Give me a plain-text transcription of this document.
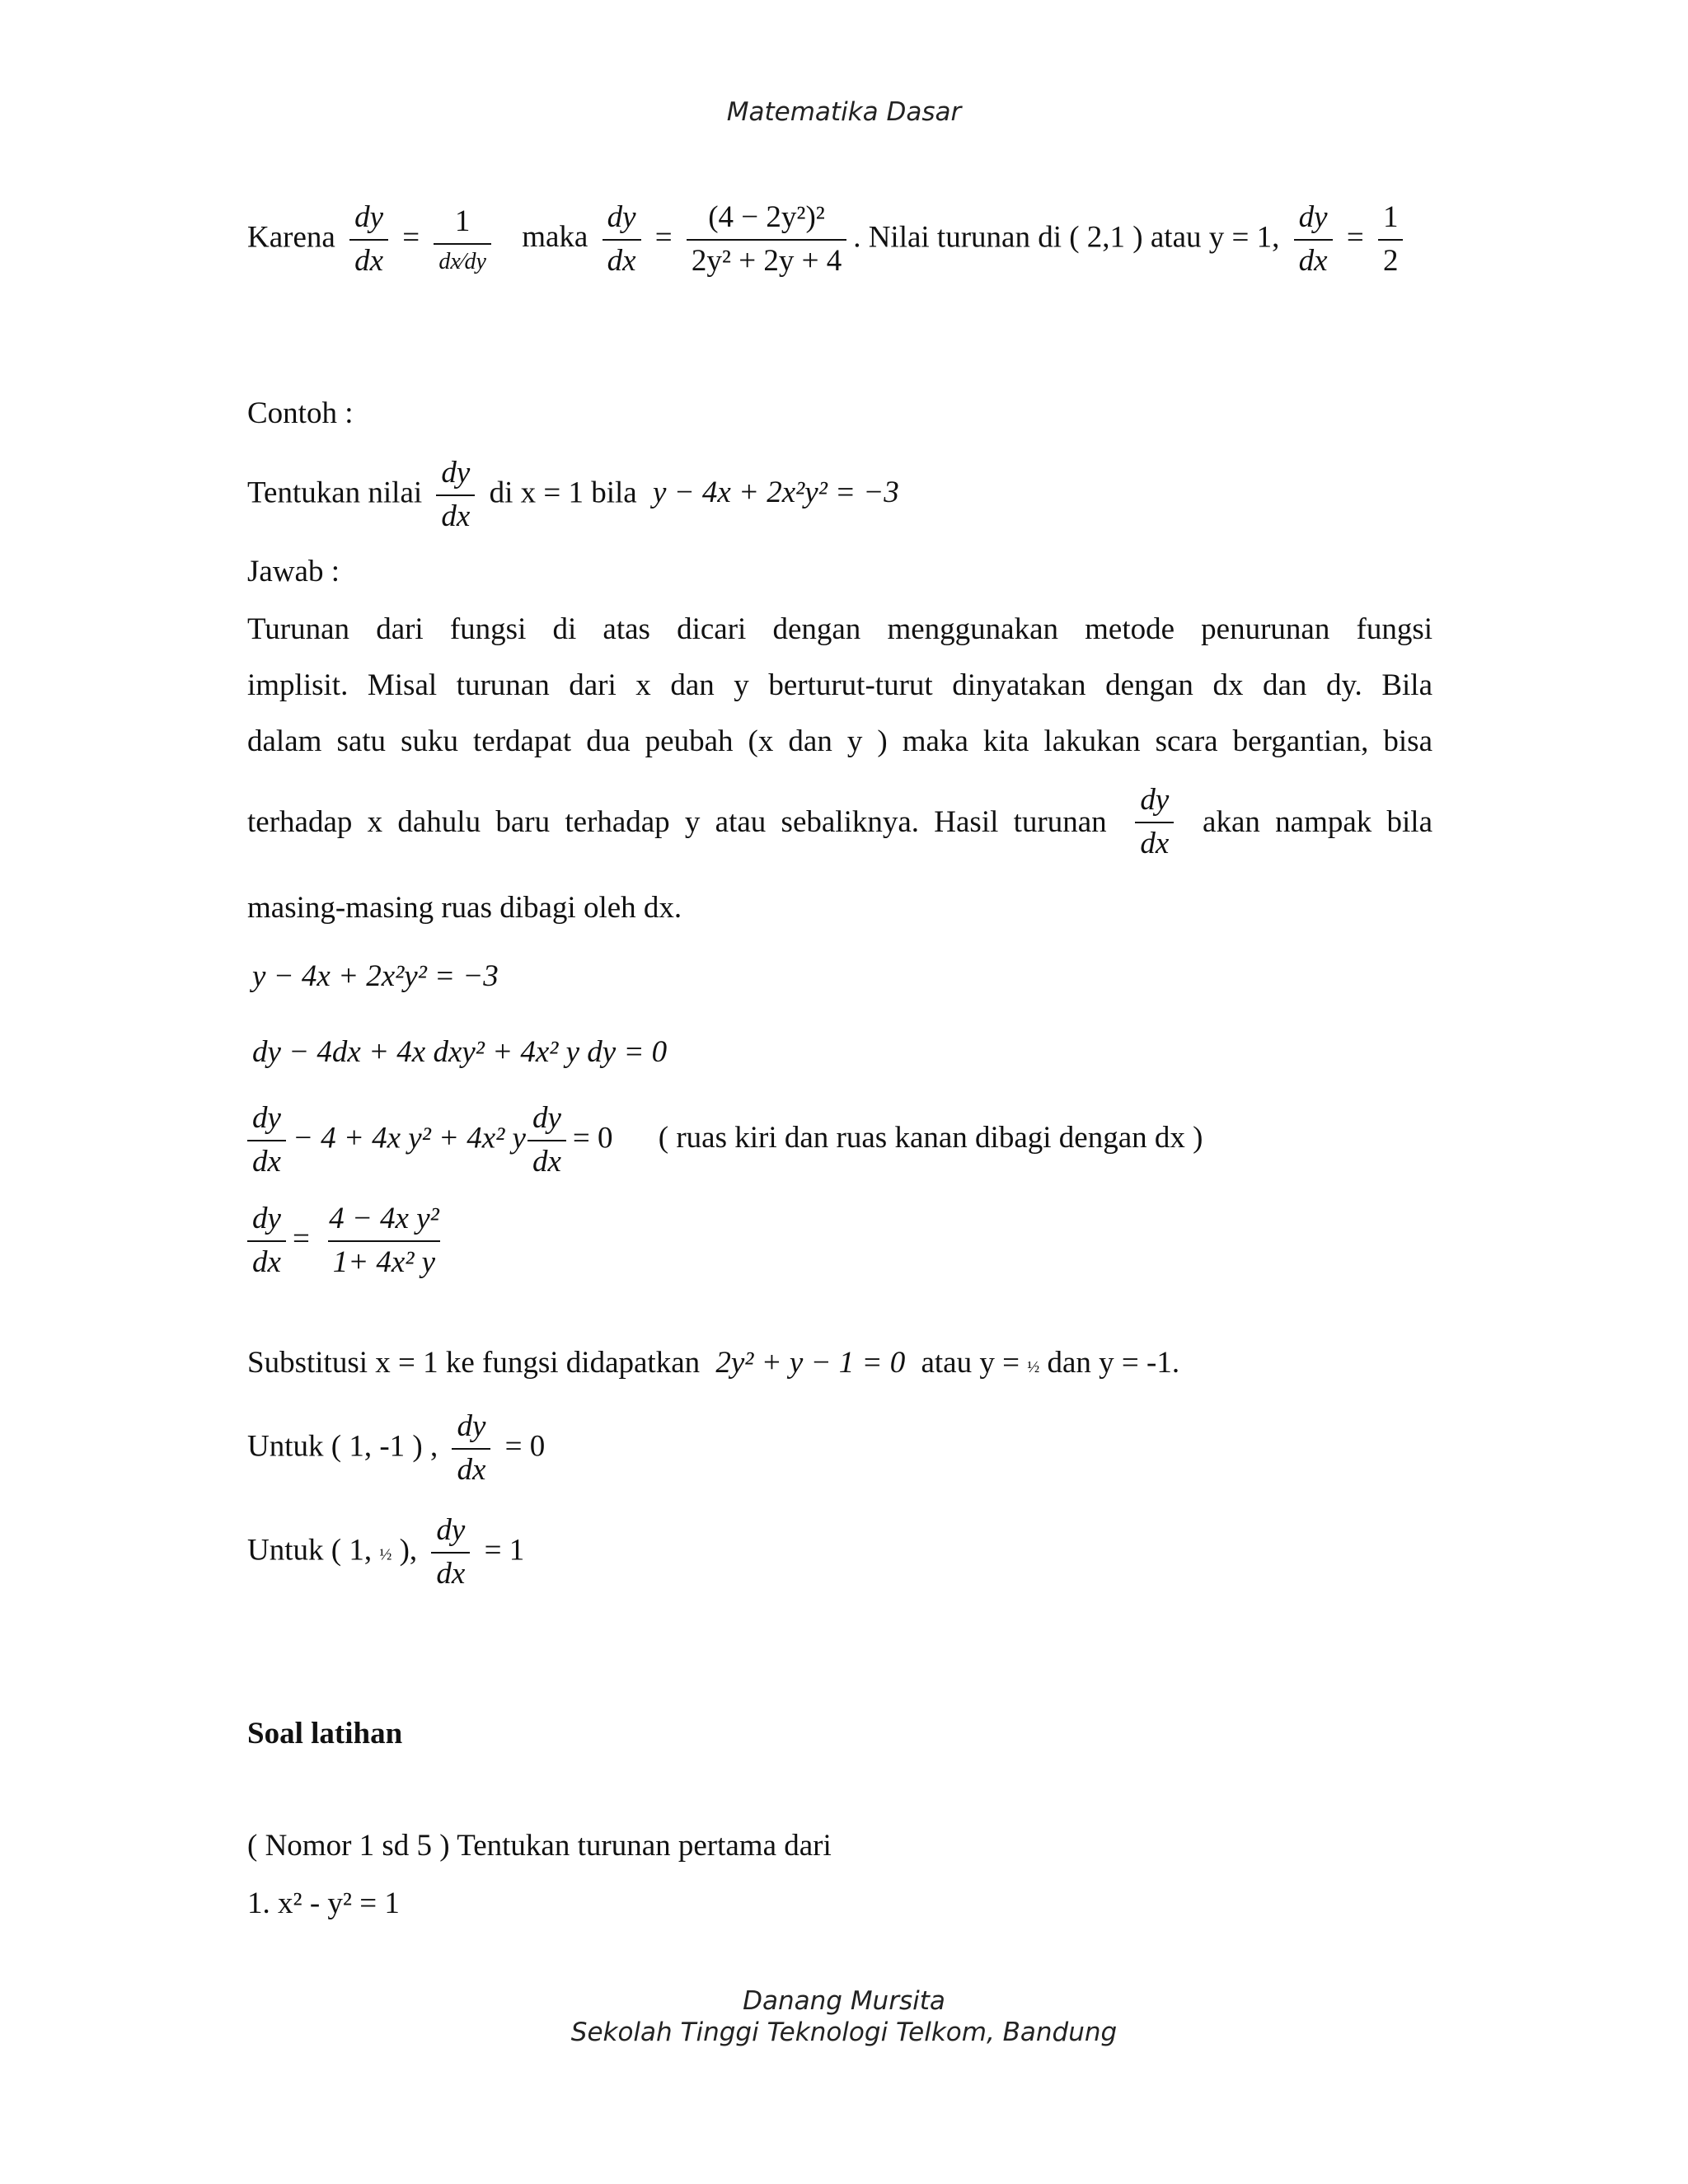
Matematika Dasar
Karena $\frac{dy}{dx} = \frac{1}{dx⁄dy}$ maka $\frac{dy}{dx} = \frac{\text{(4 − 2y²)²}}{\text{2y² + 2y + 4}}$ . Nilai turunan di ( 2,1 ) atau y = 1, $\frac{dy}{dx} = \frac{1}{2}$
Contoh :
Tentukan nilai $\frac{dy}{dx}$ di x = 1 bila y − 4x + 2x²y² = −3
Jawab :
Turunan dari fungsi di atas dicari dengan menggunakan metode penurunan fungsi
implisit. Misal turunan dari x dan y berturut-turut dinyatakan dengan dx dan dy. Bila
dalam satu suku terdapat dua peubah (x dan y ) maka kita lakukan scara bergantian, bisa
terhadap x dahulu baru terhadap y atau sebaliknya. Hasil turunan $\frac{dy}{dx}$ akan nampak bila
masing-masing ruas dibagi oleh dx.
y − 4x + 2x²y² = −3
dy − 4dx + 4x dxy² + 4x² y dy = 0
$\frac{dy}{dx} - 4 + 4x$ y² + 4x² y $\frac{dy}{dx} = 0$ ( ruas kiri dan ruas kanan dibagi dengan dx )
$\frac{dy}{dx} = \frac{\text{4 − 4x y²}}{\text{1+ 4x² y}}$
Substitusi x = 1 ke fungsi didapatkan 2y² + y − 1 = 0 atau y = ½ dan y = -1.
Untuk ( 1, -1 ) , $\frac{dy}{dx} = 0$
Untuk ( 1, ½ ), $\frac{dy}{dx} = 1$
Soal latihan
( Nomor 1 sd 5 ) Tentukan turunan pertama dari
1. x² - y² = 1
Danang Mursita
Sekolah Tinggi Teknologi Telkom, Bandung
